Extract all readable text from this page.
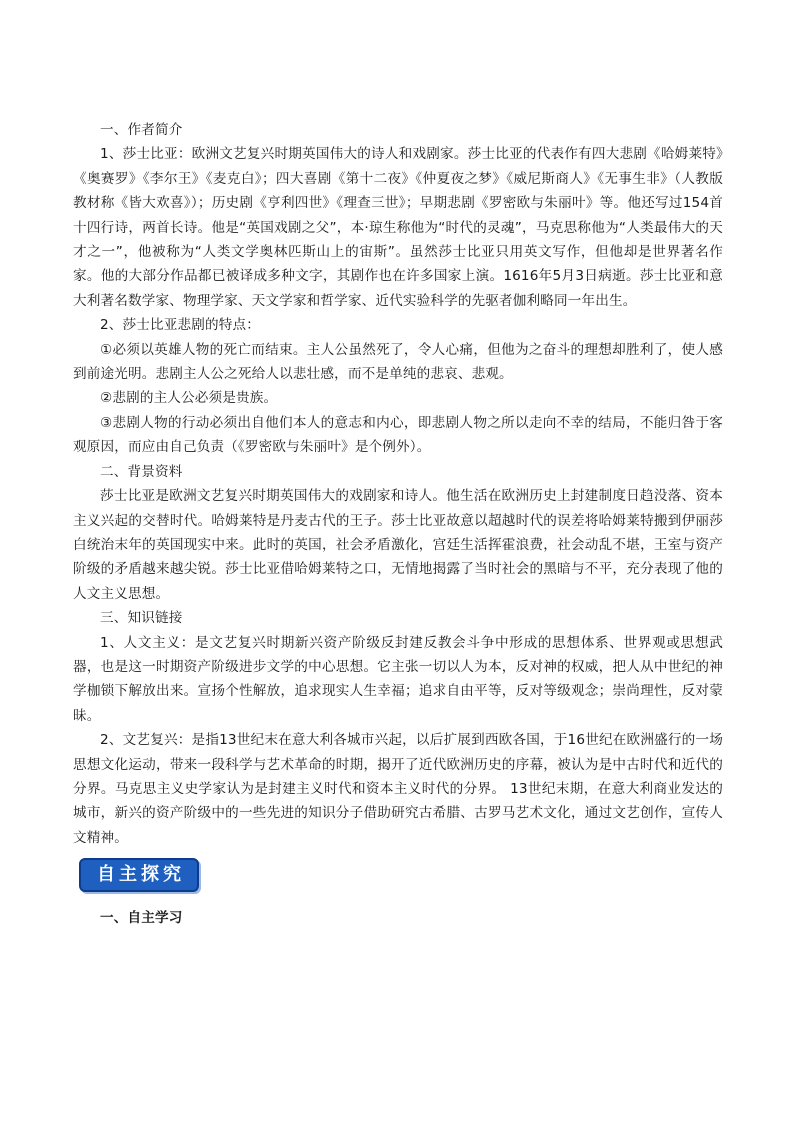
一、作者简介

1、莎士比亚：欧洲文艺复兴时期英国伟大的诗人和戏剧家。莎士比亚的代表作有四大悲剧《哈姆莱特》《奥赛罗》《李尔王》《麦克白》；四大喜剧《第十二夜》《仲夏夜之梦》《威尼斯商人》《无事生非》（人教版教材称《皆大欢喜》）；历史剧《亨利四世》《理查三世》；早期悲剧《罗密欧与朱丽叶》等。他还写过154首十四行诗，两首长诗。他是“英国戏剧之父”，本·琼生称他为“时代的灵魂”，马克思称他为“人类最伟大的天才之一”，他被称为“人类文学奥林匹斯山上的宙斯”。虽然莎士比亚只用英文写作，但他却是世界著名作家。他的大部分作品都已被译成多种文字，其剧作也在许多国家上演。1616年5月3日病逝。莎士比亚和意大利著名数学家、物理学家、天文学家和哲学家、近代实验科学的先驱者伽利略同一年出生。

2、莎士比亚悲剧的特点：

①必须以英雄人物的死亡而结束。主人公虽然死了，令人心痛，但他为之奋斗的理想却胜利了，使人感到前途光明。悲剧主人公之死给人以悲壮感，而不是单纯的悲哀、悲观。

②悲剧的主人公必须是贵族。

③悲剧人物的行动必须出自他们本人的意志和内心，即悲剧人物之所以走向不幸的结局，不能归咎于客观原因，而应由自己负责（《罗密欧与朱丽叶》是个例外）。

二、背景资料

莎士比亚是欧洲文艺复兴时期英国伟大的戏剧家和诗人。他生活在欧洲历史上封建制度日趋没落、资本主义兴起的交替时代。哈姆莱特是丹麦古代的王子。莎士比亚故意以超越时代的误差将哈姆莱特搬到伊丽莎白统治末年的英国现实中来。此时的英国，社会矛盾激化，宫廷生活挥霍浪费，社会动乱不堪，王室与资产阶级的矛盾越来越尖锐。莎士比亚借哈姆莱特之口，无情地揭露了当时社会的黑暗与不平，充分表现了他的人文主义思想。

三、知识链接

1、人文主义：是文艺复兴时期新兴资产阶级反封建反教会斗争中形成的思想体系、世界观或思想武器，也是这一时期资产阶级进步文学的中心思想。它主张一切以人为本，反对神的权威，把人从中世纪的神学枷锁下解放出来。宣扬个性解放，追求现实人生幸福；追求自由平等，反对等级观念；崇尚理性，反对蒙昧。

2、文艺复兴：是指13世纪末在意大利各城市兴起，以后扩展到西欧各国，于16世纪在欧洲盛行的一场思想文化运动，带来一段科学与艺术革命的时期，揭开了近代欧洲历史的序幕，被认为是中古时代和近代的分界。马克思主义史学家认为是封建主义时代和资本主义时代的分界。 13世纪末期，在意大利商业发达的城市，新兴的资产阶级中的一些先进的知识分子借助研究古希腊、古罗马艺术文化，通过文艺创作，宣传人文精神。

自主探究

一、自主学习
